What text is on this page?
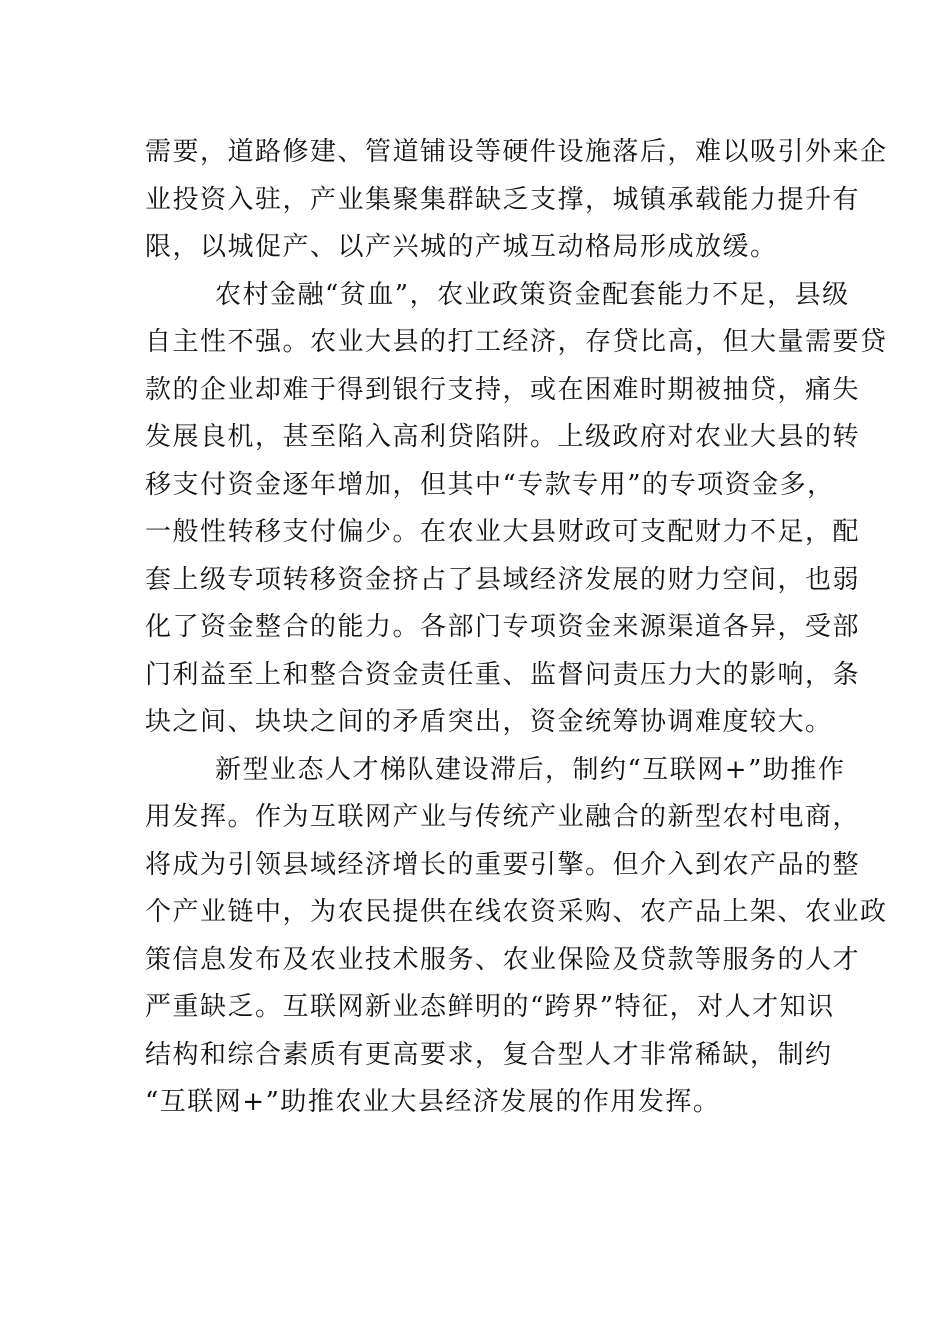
需要，道路修建、管道铺设等硬件设施落后，难以吸引外来企
业投资入驻，产业集聚集群缺乏支撑，城镇承载能力提升有
限，以城促产、以产兴城的产城互动格局形成放缓。
农村金融“贫血”，农业政策资金配套能力不足，县级
自主性不强。农业大县的打工经济，存贷比高，但大量需要贷
款的企业却难于得到银行支持，或在困难时期被抽贷，痛失
发展良机，甚至陷入高利贷陷阱。上级政府对农业大县的转
移支付资金逐年增加，但其中“专款专用”的专项资金多，
一般性转移支付偏少。在农业大县财政可支配财力不足，配
套上级专项转移资金挤占了县域经济发展的财力空间，也弱
化了资金整合的能力。各部门专项资金来源渠道各异，受部
门利益至上和整合资金责任重、监督问责压力大的影响，条
块之间、块块之间的矛盾突出，资金统筹协调难度较大。
新型业态人才梯队建设滞后，制约“互联网+”助推作
用发挥。作为互联网产业与传统产业融合的新型农村电商，
将成为引领县域经济增长的重要引擎。但介入到农产品的整
个产业链中，为农民提供在线农资采购、农产品上架、农业政
策信息发布及农业技术服务、农业保险及贷款等服务的人才
严重缺乏。互联网新业态鲜明的“跨界”特征，对人才知识
结构和综合素质有更高要求，复合型人才非常稀缺，制约
“互联网+”助推农业大县经济发展的作用发挥。
